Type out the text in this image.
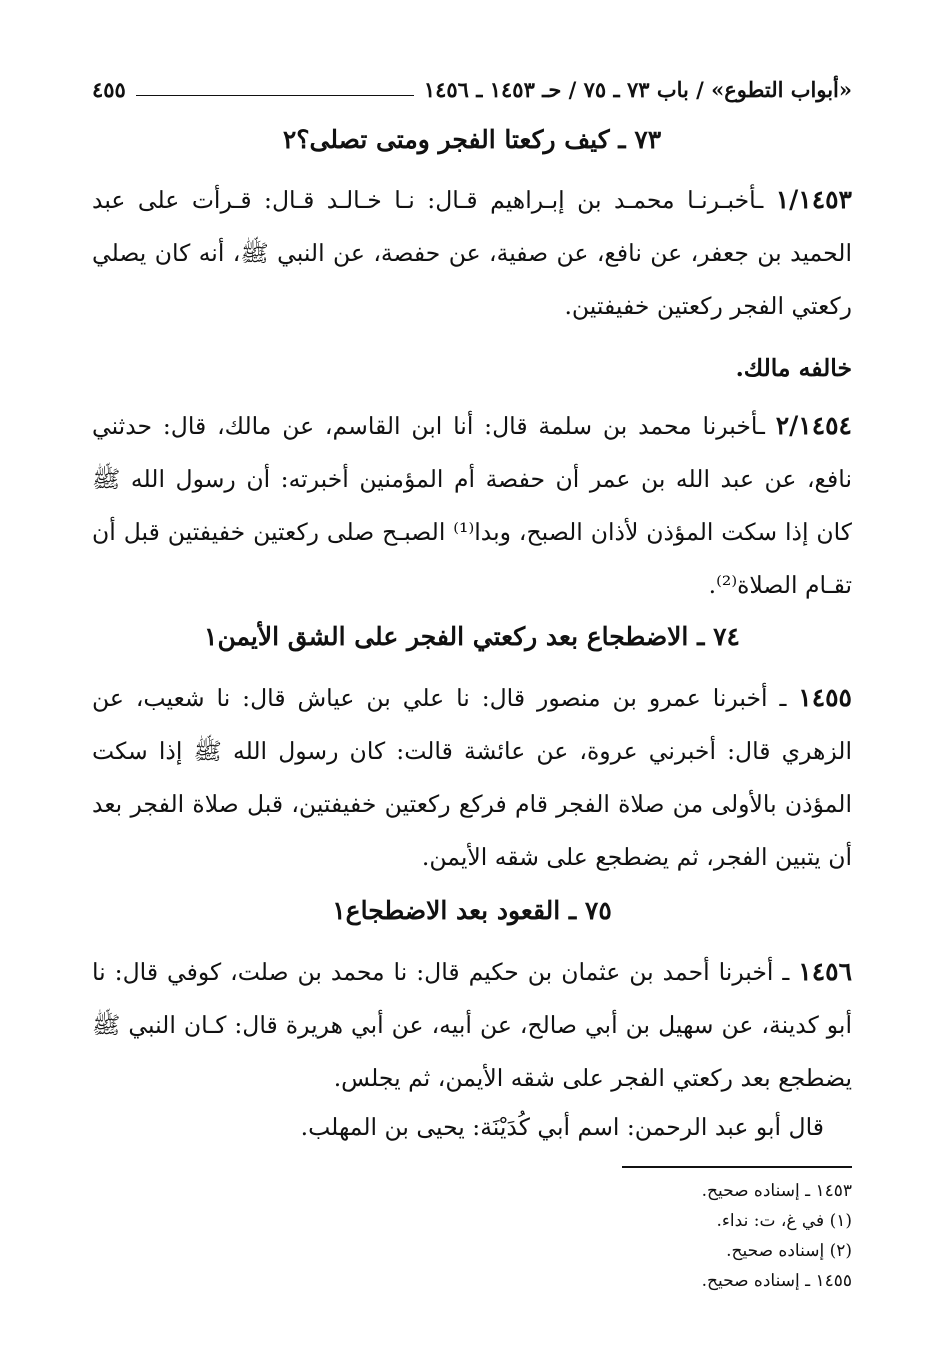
«أبواب التطوع» / باب ٧٣ ـ ٧٥ / حـ ١٤٥٣ ـ ١٤٥٦
٤٥٥
٧٣ ـ كيف ركعتا الفجر ومتى تصلى؟٢

١/١٤٥٣ ـأخبـرنـا محمـد بن إبـراهيم قـال: نـا خـالـد قـال: قـرأت على عبد الحميد بن جعفر، عن نافع، عن صفية، عن حفصة، عن النبي ﷺ، أنه كان يصلي ركعتي الفجر ركعتين خفيفتين.

خالفه مالك.

٢/١٤٥٤ ـأخبرنا محمد بن سلمة قال: أنا ابن القاسم، عن مالك، قال: حدثني نافع، عن عبد الله بن عمر أن حفصة أم المؤمنين أخبرته: أن رسول الله ﷺ كان إذا سكت المؤذن لأذان الصبح، وبدا⁽¹⁾ الصبـح صلى ركعتين خفيفتين قبل أن تقـام الصلاة⁽²⁾.

٧٤ ـ الاضطجاع بعد ركعتي الفجر على الشق الأيمن١

١٤٥٥ ـ أخبرنا عمرو بن منصور قال: نا علي بن عياش قال: نا شعيب، عن الزهري قال: أخبرني عروة، عن عائشة قالت: كان رسول الله ﷺ إذا سكت المؤذن بالأولى من صلاة الفجر قام فركع ركعتين خفيفتين، قبل صلاة الفجر بعد أن يتبين الفجر، ثم يضطجع على شقه الأيمن.

٧٥ ـ القعود بعد الاضطجاع١

١٤٥٦ ـ أخبرنا أحمد بن عثمان بن حكيم قال: نا محمد بن صلت، كوفي قال: نا أبو كدينة، عن سهيل بن أبي صالح، عن أبيه، عن أبي هريرة قال: كـان النبي ﷺ يضطجع بعد ركعتي الفجر على شقه الأيمن، ثم يجلس.

قال أبو عبد الرحمن: اسم أبي كُدَيْنَة: يحيى بن المهلب.

١٤٥٣ ـ إسناده صحيح.
(١) في غ، ت: نداء.
(٢) إسناده صحيح.
١٤٥٥ ـ إسناده صحيح.
